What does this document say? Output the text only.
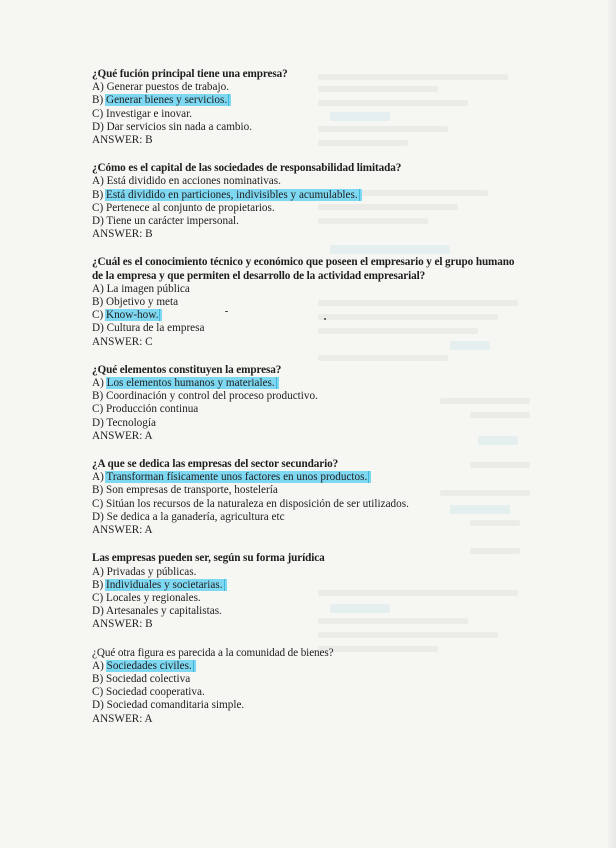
¿Qué fución principal tiene una empresa?
A) Generar puestos de trabajo.
B) Generar bienes y servicios.
C) Investigar e inovar.
D) Dar servicios sin nada a cambio.
ANSWER: B
¿Cómo es el capital de las sociedades de responsabilidad limitada?
A) Está dividido en acciones nominativas.
B) Está dividido en particiones, indivisibles y acumulables.
C) Pertenece al conjunto de propietarios.
D) Tiene un carácter impersonal.
ANSWER: B
¿Cuál es el conocimiento técnico y económico que poseen el empresario y el grupo humano de la empresa y que permiten el desarrollo de la actividad empresarial?
A) La imagen pública
B) Objetivo y meta
C) Know-how.
D) Cultura de la empresa
ANSWER: C
¿Qué elementos constituyen la empresa?
A) Los elementos humanos y materiales.
B) Coordinación y control del proceso productivo.
C) Producción continua
D) Tecnología
ANSWER: A
¿A que se dedica las empresas del sector secundario?
A) Transforman físicamente unos factores en unos productos.
B) Son empresas de transporte, hostelería
C) Sitúan los recursos de la naturaleza en disposición de ser utilizados.
D) Se dedica a la ganadería, agricultura etc
ANSWER: A
Las empresas pueden ser, según su forma jurídica
A) Privadas y públicas.
B) Individuales y societarias.
C) Locales y regionales.
D) Artesanales y capitalistas.
ANSWER: B
¿Qué otra figura es parecida a la comunidad de bienes?
A) Sociedades civiles.
B) Sociedad colectiva
C) Sociedad cooperativa.
D) Sociedad comanditaria simple.
ANSWER: A
